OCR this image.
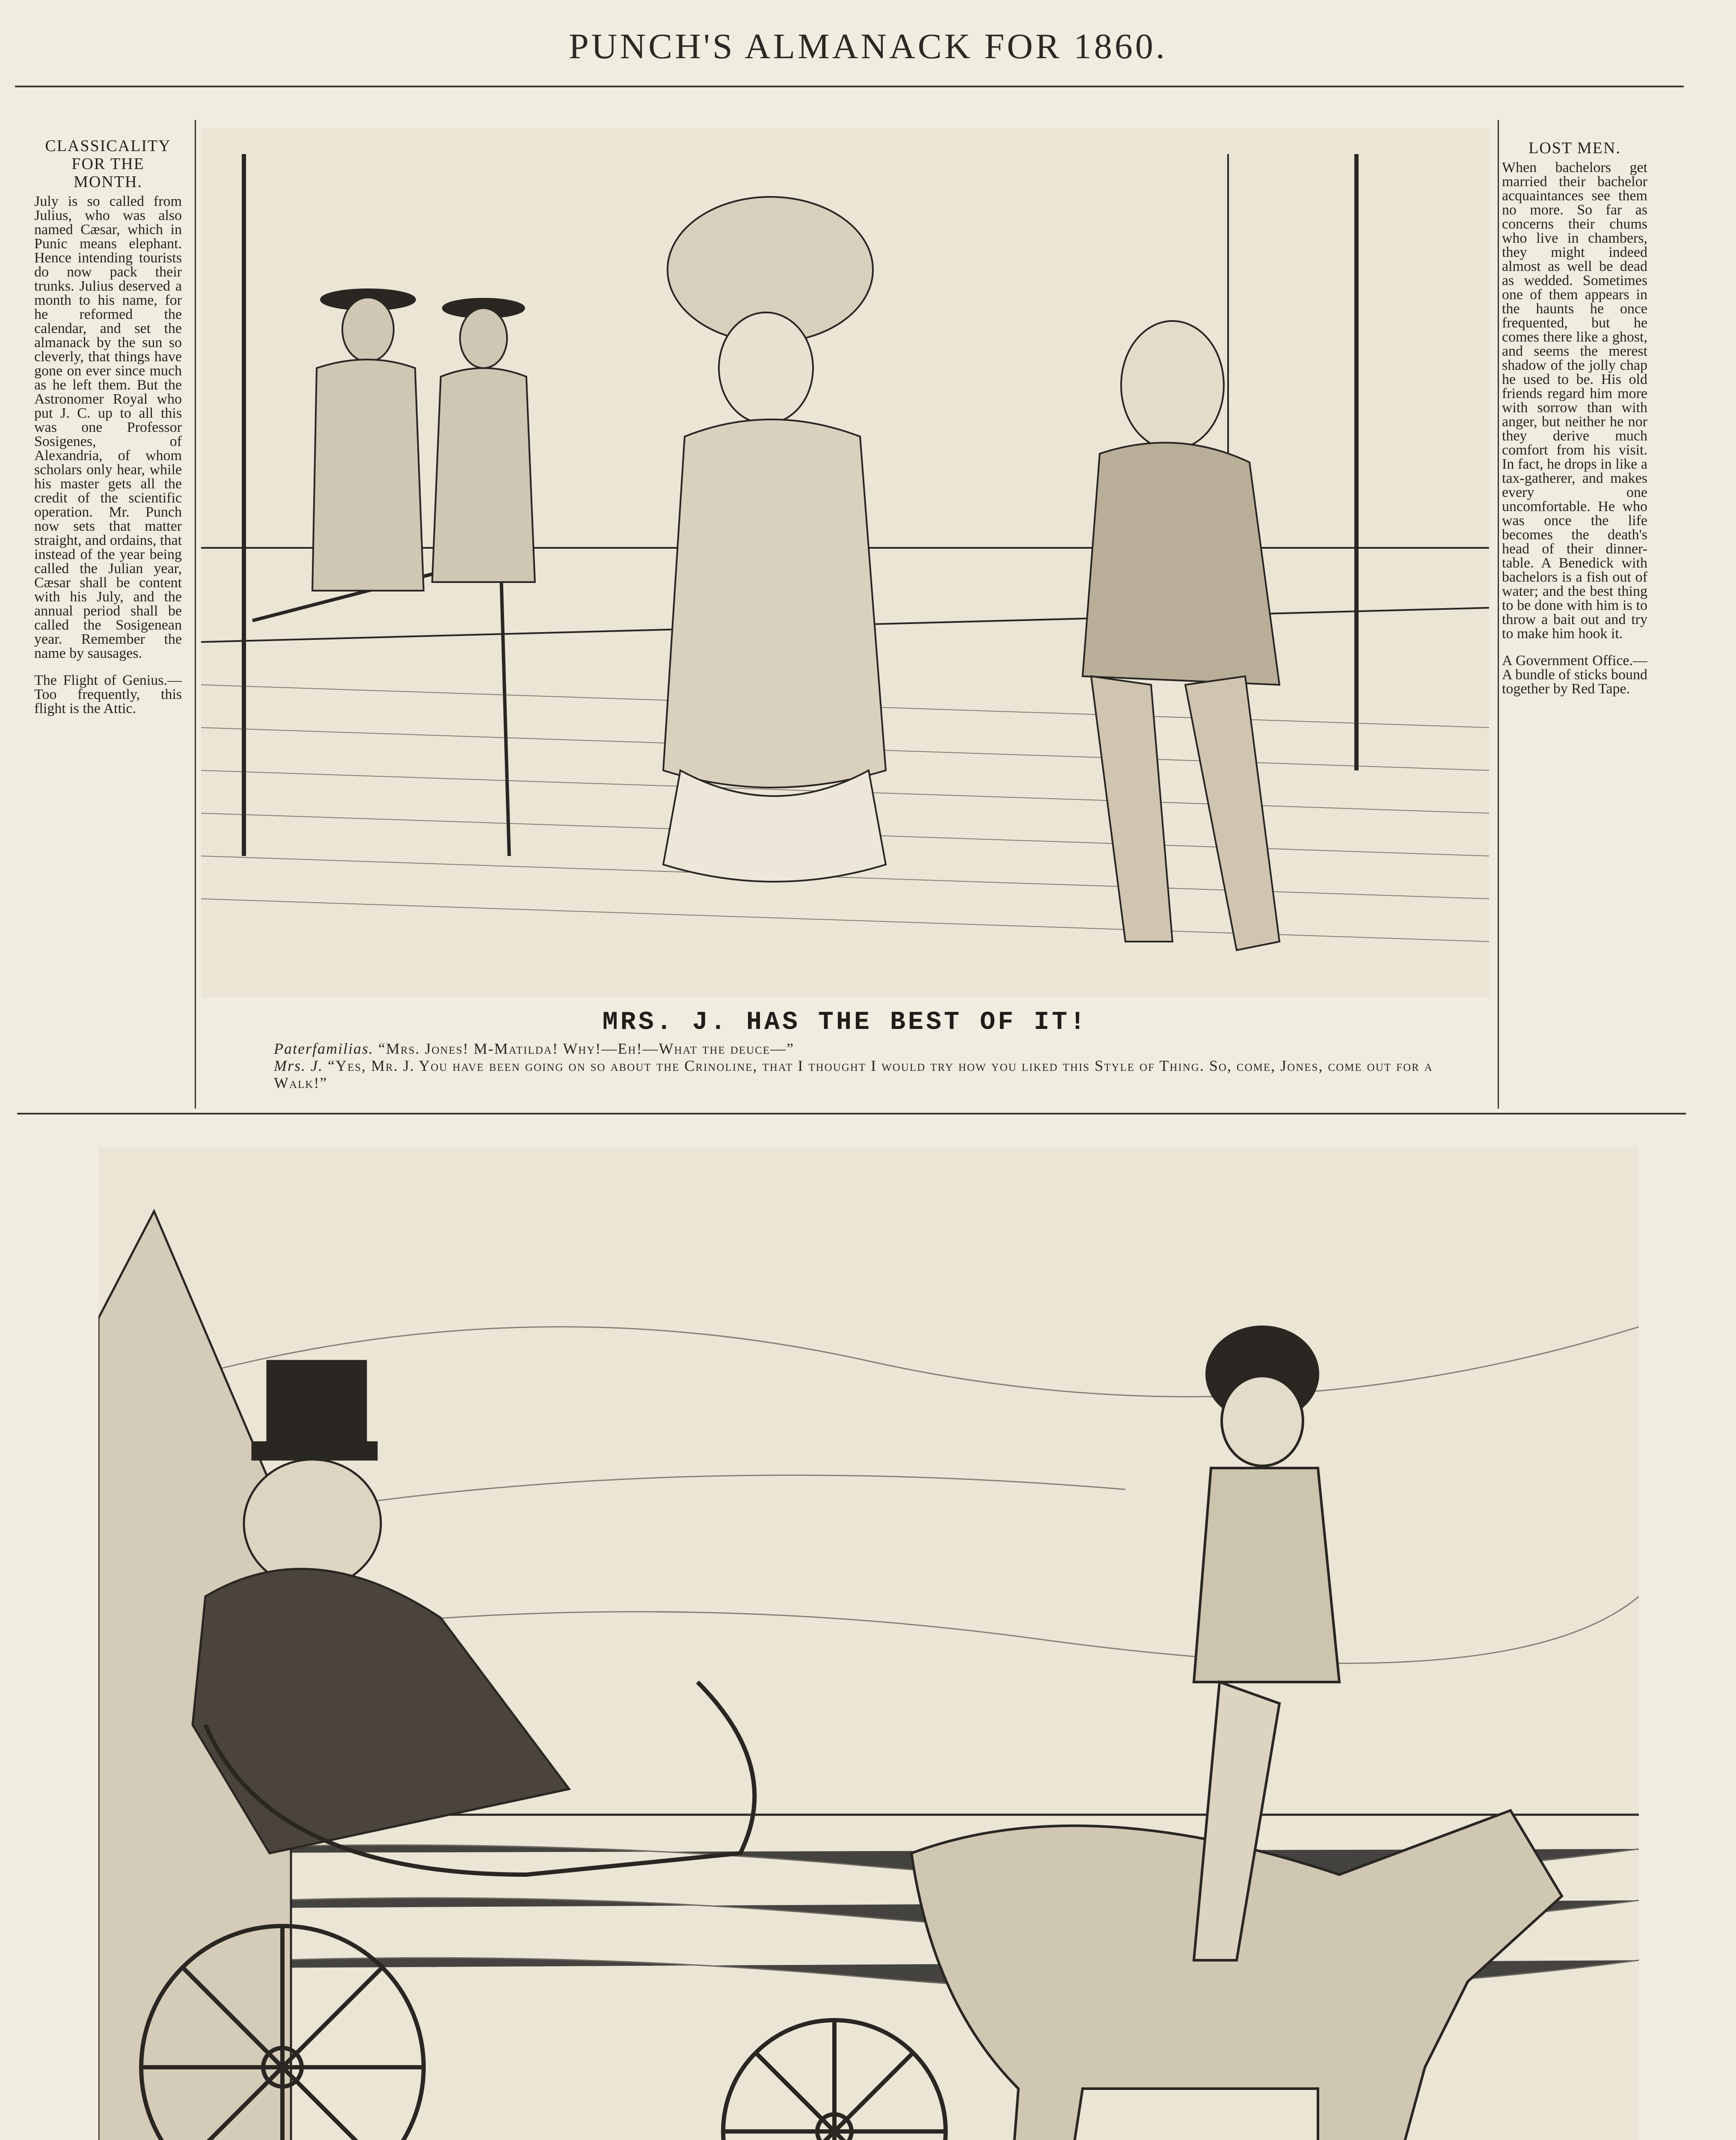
PUNCH'S ALMANACK FOR 1860.
CLASSICALITY
FOR THE
MONTH.

July is so called from Julius, who was also named Cæsar, which in Punic means elephant. Hence intending tourists do now pack their trunks. Julius deserved a month to his name, for he reformed the calendar, and set the almanack by the sun so cleverly, that things have gone on ever since much as he left them. But the Astronomer Royal who put J. C. up to all this was one Professor Sosigenes, of Alexandria, of whom scholars only hear, while his master gets all the credit of the scientific operation. Mr. Punch now sets that matter straight, and ordains, that instead of the year being called the Julian year, Cæsar shall be content with his July, and the annual period shall be called the Sosigenean year. Remember the name by sausages.

The Flight of Genius.—Too frequently, this flight is the Attic.

LOST MEN.

When bachelors get married their bachelor acquaintances see them no more. So far as concerns their chums who live in chambers, they might indeed almost as well be dead as wedded. Sometimes one of them appears in the haunts he once frequented, but he comes there like a ghost, and seems the merest shadow of the jolly chap he used to be. His old friends regard him more with sorrow than with anger, but neither he nor they derive much comfort from his visit. In fact, he drops in like a tax-gatherer, and makes every one uncomfortable. He who was once the life becomes the death's head of their dinner-table. A Benedick with bachelors is a fish out of water; and the best thing to be done with him is to throw a bait out and try to make him hook it.

A Government Office.—A bundle of sticks bound together by Red Tape.

MRS. J. HAS THE BEST OF IT!
Paterfamilias. “Mrs. Jones! M-Matilda! Why!—Eh!—What the deuce—”
Mrs. J. “Yes, Mr. J. You have been going on so about the Crinoline, that I thought I would try how you liked this Style of Thing. So, come, Jones, come out for a Walk!”
